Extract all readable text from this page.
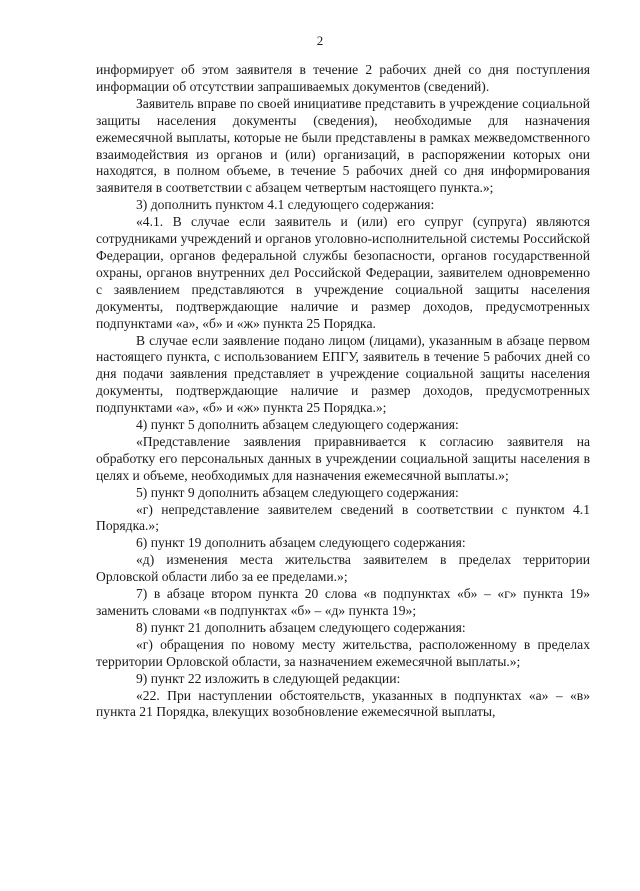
2

информирует об этом заявителя в течение 2 рабочих дней со дня поступления информации об отсутствии запрашиваемых документов (сведений).

Заявитель вправе по своей инициативе представить в учреждение социальной защиты населения документы (сведения), необходимые для назначения ежемесячной выплаты, которые не были представлены в рамках межведомственного взаимодействия из органов и (или) организаций, в распоряжении которых они находятся, в полном объеме, в течение 5 рабочих дней со дня информирования заявителя в соответствии с абзацем четвертым настоящего пункта.»;

3) дополнить пунктом 4.1 следующего содержания:

«4.1. В случае если заявитель и (или) его супруг (супруга) являются сотрудниками учреждений и органов уголовно-исполнительной системы Российской Федерации, органов федеральной службы безопасности, органов государственной охраны, органов внутренних дел Российской Федерации, заявителем одновременно с заявлением представляются в учреждение социальной защиты населения документы, подтверждающие наличие и размер доходов, предусмотренных подпунктами «а», «б» и «ж» пункта 25 Порядка.

В случае если заявление подано лицом (лицами), указанным в абзаце первом настоящего пункта, с использованием ЕПГУ, заявитель в течение 5 рабочих дней со дня подачи заявления представляет в учреждение социальной защиты населения документы, подтверждающие наличие и размер доходов, предусмотренных подпунктами «а», «б» и «ж» пункта 25 Порядка.»;

4) пункт 5 дополнить абзацем следующего содержания:

«Представление заявления приравнивается к согласию заявителя на обработку его персональных данных в учреждении социальной защиты населения в целях и объеме, необходимых для назначения ежемесячной выплаты.»;

5) пункт 9 дополнить абзацем следующего содержания:

«г) непредставление заявителем сведений в соответствии с пунктом 4.1 Порядка.»;

6) пункт 19 дополнить абзацем следующего содержания:

«д) изменения места жительства заявителем в пределах территории Орловской области либо за ее пределами.»;

7) в абзаце втором пункта 20 слова «в подпунктах «б» – «г» пункта 19» заменить словами «в подпунктах «б» – «д» пункта 19»;

8) пункт 21 дополнить абзацем следующего содержания:

«г) обращения по новому месту жительства, расположенному в пределах территории Орловской области, за назначением ежемесячной выплаты.»;

9) пункт 22 изложить в следующей редакции:

«22. При наступлении обстоятельств, указанных в подпунктах «а» – «в» пункта 21 Порядка, влекущих возобновление ежемесячной выплаты,
